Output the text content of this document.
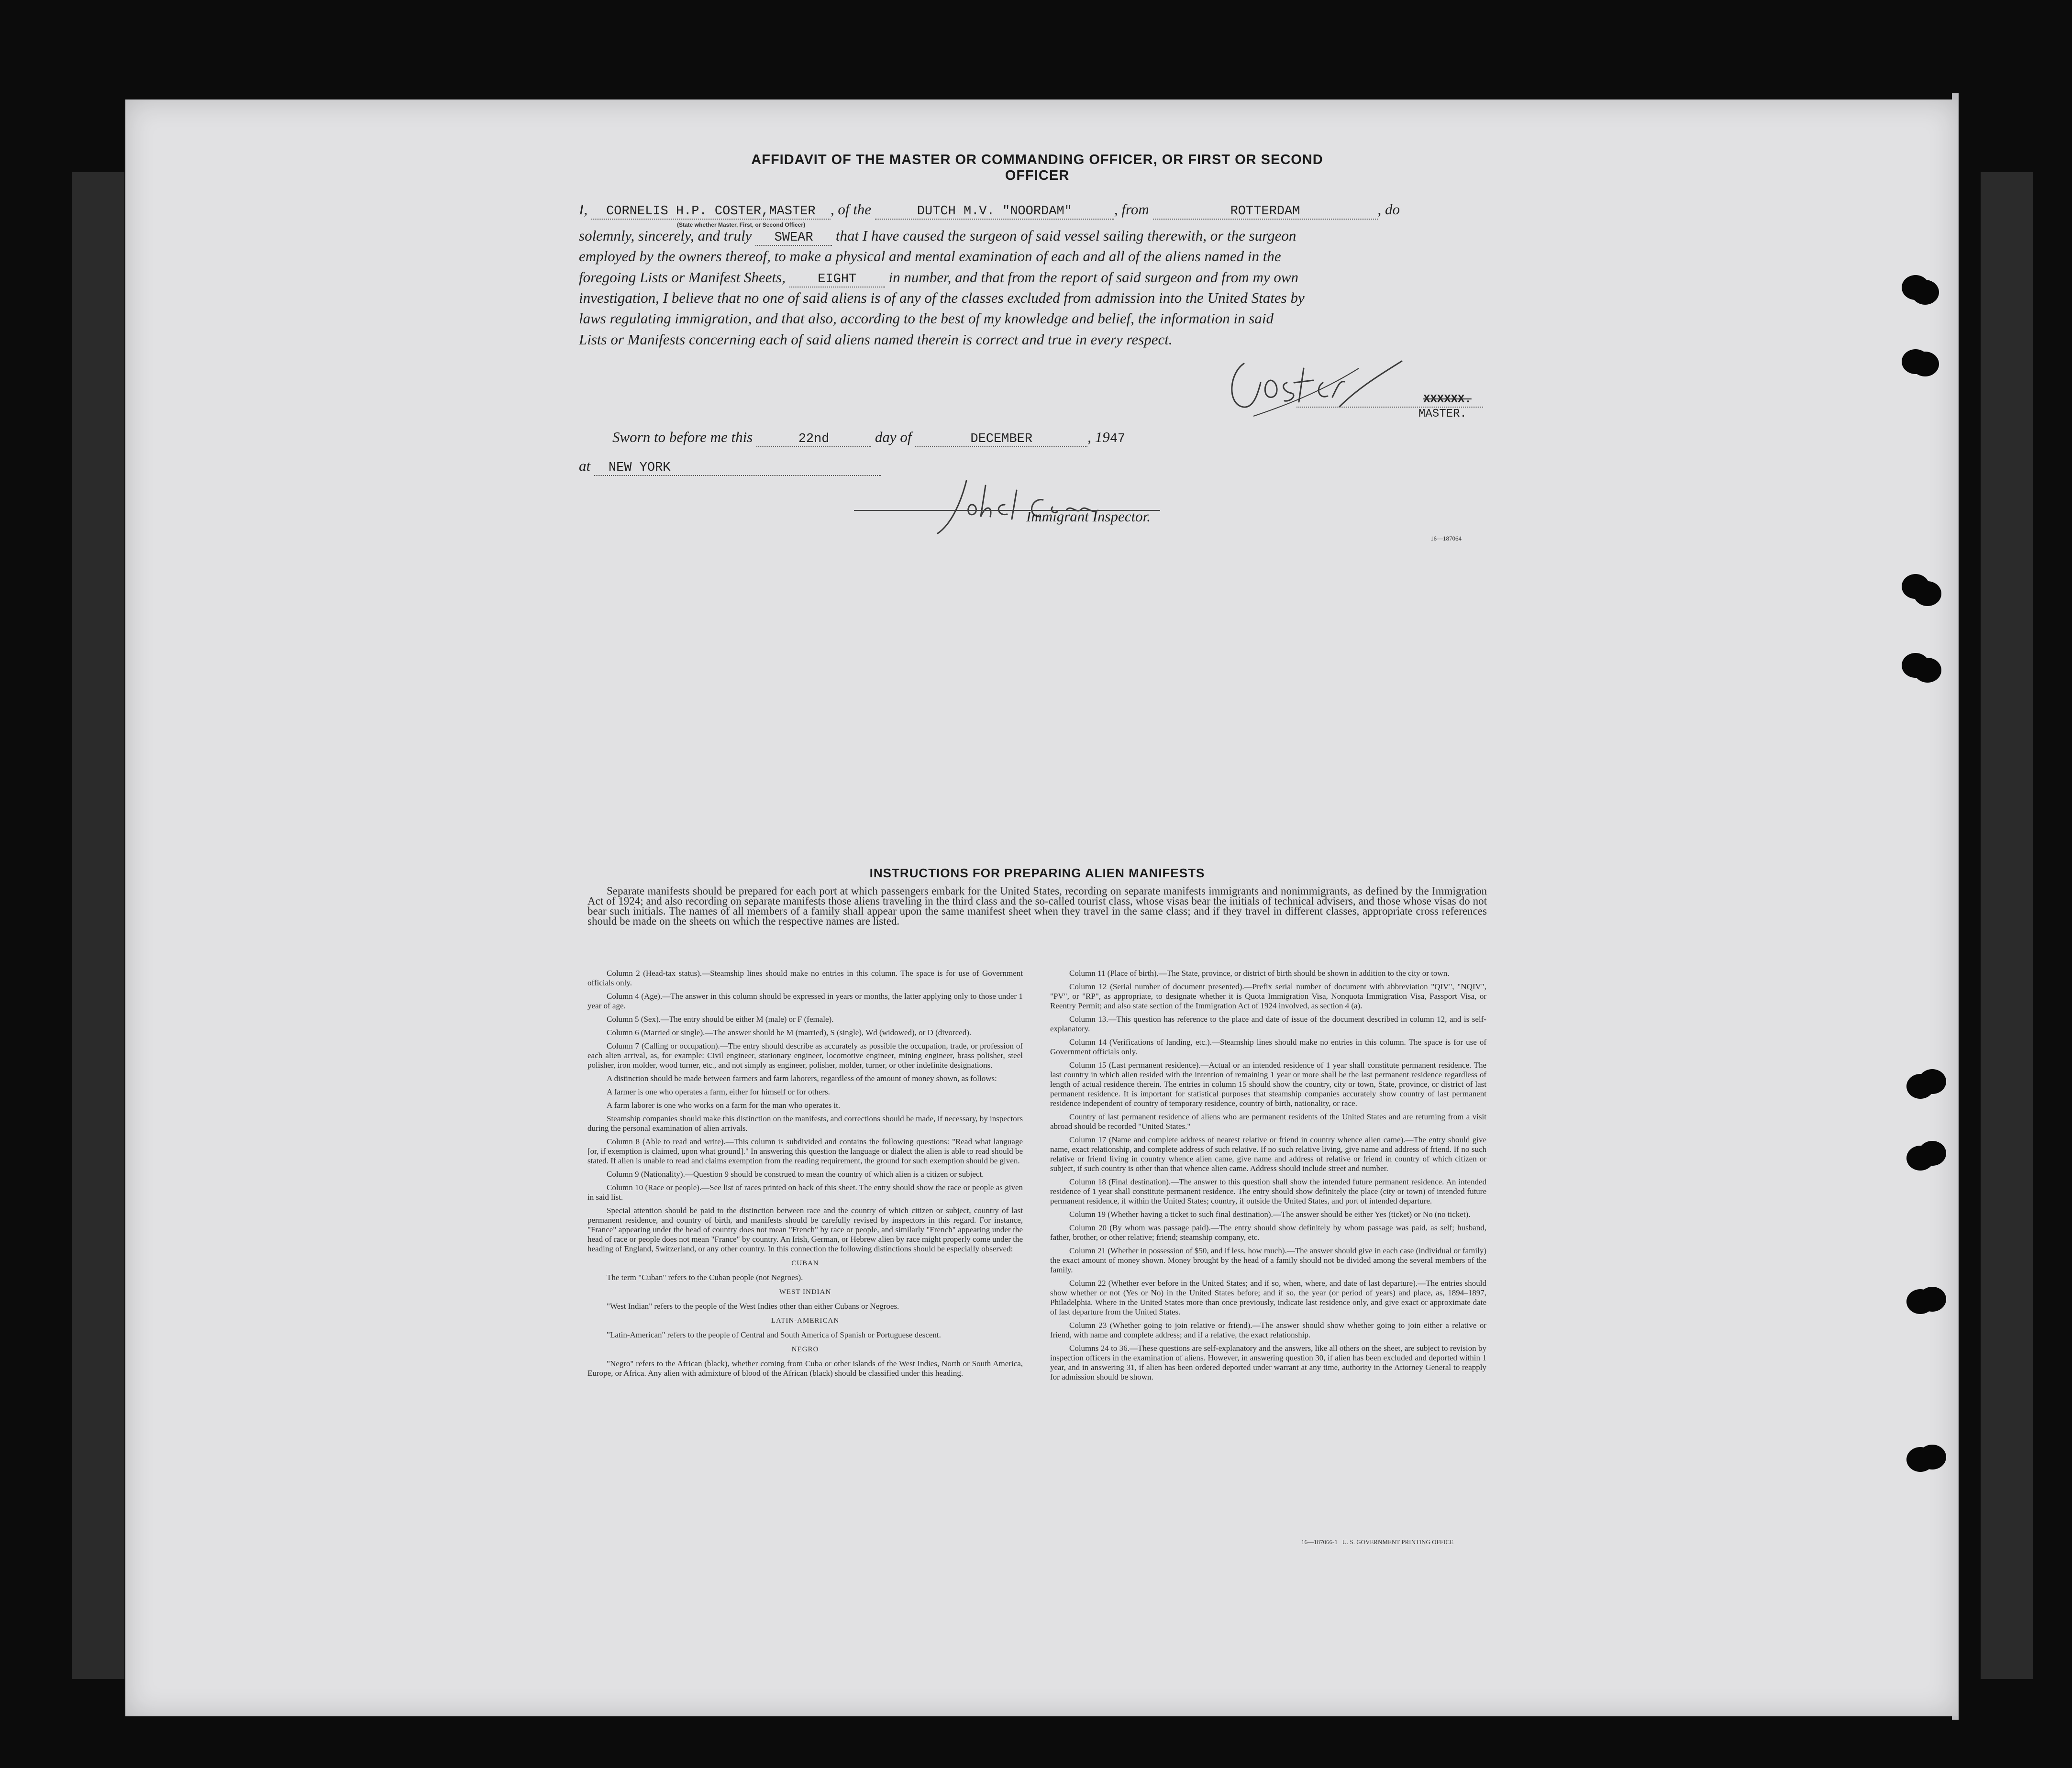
AFFIDAVIT OF THE MASTER OR COMMANDING OFFICER, OR FIRST OR SECOND OFFICER
I, CORNELIS H.P. COSTER,MASTER , of the	DUTCH M.V. "NOORDAM"	, from	ROTTERDAM	, do
(State whether Master, First, or Second Officer)
solemnly, sincerely, and truly SWEAR that I have caused the surgeon of said vessel sailing therewith, or the surgeon
employed by the owners thereof, to make a physical and mental examination of each and all of the aliens named in the
foregoing Lists or Manifest Sheets, EIGHT in number, and that from the report of said surgeon and from my own
investigation, I believe that no one of said aliens is of any of the classes excluded from admission into the United States by
laws regulating immigration, and that also, according to the best of my knowledge and belief, the information in said
Lists or Manifests concerning each of said aliens named therein is correct and true in every respect.
XXXXXX.
MASTER.
Sworn to before me this	22nd	day of	DECEMBER	, 1947
at NEW YORK
Immigrant Inspector.
16—187064
INSTRUCTIONS FOR PREPARING ALIEN MANIFESTS

Separate manifests should be prepared for each port at which passengers embark for the United States, recording on separate manifests immigrants and nonimmigrants, as defined by the Immigration Act of 1924; and also recording on separate manifests those aliens traveling in the third class and the so-called tourist class, whose visas bear the initials of technical advisers, and those whose visas do not bear such initials. The names of all members of a family shall appear upon the same manifest sheet when they travel in the same class; and if they travel in different classes, appropriate cross references should be made on the sheets on which the respective names are listed.

Column 2 (Head-tax status).—Steamship lines should make no entries in this column. The space is for use of Government officials only.

Column 4 (Age).—The answer in this column should be expressed in years or months, the latter applying only to those under 1 year of age.

Column 5 (Sex).—The entry should be either M (male) or F (female).

Column 6 (Married or single).—The answer should be M (married), S (single), Wd (widowed), or D (divorced).

Column 7 (Calling or occupation).—The entry should describe as accurately as possible the occupation, trade, or profession of each alien arrival, as, for example: Civil engineer, stationary engineer, locomotive engineer, mining engineer, brass polisher, steel polisher, iron molder, wood turner, etc., and not simply as engineer, polisher, molder, turner, or other indefinite designations.

A distinction should be made between farmers and farm laborers, regardless of the amount of money shown, as follows:

A farmer is one who operates a farm, either for himself or for others.

A farm laborer is one who works on a farm for the man who operates it.

Steamship companies should make this distinction on the manifests, and corrections should be made, if necessary, by inspectors during the personal examination of alien arrivals.

Column 8 (Able to read and write).—This column is subdivided and contains the following questions: "Read what language [or, if exemption is claimed, upon what ground]." In answering this question the language or dialect the alien is able to read should be stated. If alien is unable to read and claims exemption from the reading requirement, the ground for such exemption should be given.

Column 9 (Nationality).—Question 9 should be construed to mean the country of which alien is a citizen or subject.

Column 10 (Race or people).—See list of races printed on back of this sheet. The entry should show the race or people as given in said list.

Special attention should be paid to the distinction between race and the country of which citizen or subject, country of last permanent residence, and country of birth, and manifests should be carefully revised by inspectors in this regard. For instance, "France" appearing under the head of country does not mean "French" by race or people, and similarly "French" appearing under the head of race or people does not mean "France" by country. An Irish, German, or Hebrew alien by race might properly come under the heading of England, Switzerland, or any other country. In this connection the following distinctions should be especially observed:

CUBAN

The term "Cuban" refers to the Cuban people (not Negroes).

WEST INDIAN

"West Indian" refers to the people of the West Indies other than either Cubans or Negroes.

LATIN-AMERICAN

"Latin-American" refers to the people of Central and South America of Spanish or Portuguese descent.

NEGRO

"Negro" refers to the African (black), whether coming from Cuba or other islands of the West Indies, North or South America, Europe, or Africa. Any alien with admixture of blood of the African (black) should be classified under this heading.

Column 11 (Place of birth).—The State, province, or district of birth should be shown in addition to the city or town.

Column 12 (Serial number of document presented).—Prefix serial number of document with abbreviation "QIV", "NQIV", "PV", or "RP", as appropriate, to designate whether it is Quota Immigration Visa, Nonquota Immigration Visa, Passport Visa, or Reentry Permit; and also state section of the Immigration Act of 1924 involved, as section 4 (a).

Column 13.—This question has reference to the place and date of issue of the document described in column 12, and is self-explanatory.

Column 14 (Verifications of landing, etc.).—Steamship lines should make no entries in this column. The space is for use of Government officials only.

Column 15 (Last permanent residence).—Actual or an intended residence of 1 year shall constitute permanent residence. The last country in which alien resided with the intention of remaining 1 year or more shall be the last permanent residence regardless of length of actual residence therein. The entries in column 15 should show the country, city or town, State, province, or district of last permanent residence. It is important for statistical purposes that steamship companies accurately show country of last permanent residence independent of country of temporary residence, country of birth, nationality, or race.

Country of last permanent residence of aliens who are permanent residents of the United States and are returning from a visit abroad should be recorded "United States."

Column 17 (Name and complete address of nearest relative or friend in country whence alien came).—The entry should give name, exact relationship, and complete address of such relative. If no such relative living, give name and address of friend. If no such relative or friend living in country whence alien came, give name and address of relative or friend in country of which citizen or subject, if such country is other than that whence alien came. Address should include street and number.

Column 18 (Final destination).—The answer to this question shall show the intended future permanent residence. An intended residence of 1 year shall constitute permanent residence. The entry should show definitely the place (city or town) of intended future permanent residence, if within the United States; country, if outside the United States, and port of intended departure.

Column 19 (Whether having a ticket to such final destination).—The answer should be either Yes (ticket) or No (no ticket).

Column 20 (By whom was passage paid).—The entry should show definitely by whom passage was paid, as self; husband, father, brother, or other relative; friend; steamship company, etc.

Column 21 (Whether in possession of $50, and if less, how much).—The answer should give in each case (individual or family) the exact amount of money shown. Money brought by the head of a family should not be divided among the several members of the family.

Column 22 (Whether ever before in the United States; and if so, when, where, and date of last departure).—The entries should show whether or not (Yes or No) in the United States before; and if so, the year (or period of years) and place, as, 1894–1897, Philadelphia. Where in the United States more than once previously, indicate last residence only, and give exact or approximate date of last departure from the United States.

Column 23 (Whether going to join relative or friend).—The answer should show whether going to join either a relative or friend, with name and complete address; and if a relative, the exact relationship.

Columns 24 to 36.—These questions are self-explanatory and the answers, like all others on the sheet, are subject to revision by inspection officers in the examination of aliens. However, in answering question 30, if alien has been excluded and deported within 1 year, and in answering 31, if alien has been ordered deported under warrant at any time, authority in the Attorney General to reapply for admission should be shown.

16—187066-1 U. S. GOVERNMENT PRINTING OFFICE
